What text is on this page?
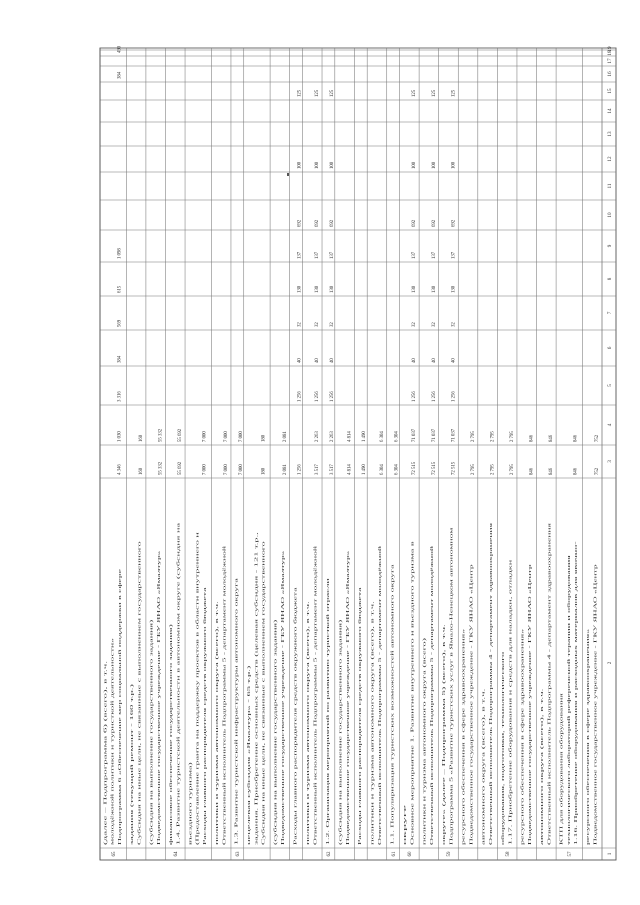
1
2
3
4
5
6
7
8
9
10
11
12
13
14
15
16
17
18
19
Подведомственное государственное учреждение - ГКУ ЯНАО «Центр
ресурсного обеспечения в сфере здравоохранения»
752
752
57
1.16. Приобретение оборудования и расходных материалов для явочно-
технологического лабораторий референсной терапии и оборудования
КТП для оборудования оборудования
846
846
Ответственный исполнитель Подпрограммы 4 - департамент здравоохранения
автономного округа (всего), в т.ч.
846
846
Подведомственное государственное учреждение - ГКУ ЯНАО «Центр
ресурсного обеспечения в сфере здравоохранения»
846
846
58
1.17. Приобретение оборудования и средств для наладки, отладки
оборудования, подготовки, технологического
2 795
2 795
Ответственный исполнитель Подпрограммы 4 - департамент здравоохранения
автономного округа (всего), в т.ч.
2 795
2 795
Подведомственное государственное учреждение - ГКУ ЯНАО «Центр
ресурсного обеспечения в сфере здравоохранения»
2 795
2 795
59
Подпрограмма 5 «Развитие туристских услуг в Ямало-Ненецком автономном
округе» (далее – Подпрограмма 5) (всего), в т.ч.
72 515
71 037
1 256
40
32
130
137
692
100
125
Ответственный исполнитель Подпрограммы 5 - департамент молодёжной
политики и туризма автономного округа (всего)
72 515
71 037
1 256
40
32
130
137
692
100
125
60
Основное мероприятие 1. Развитие внутреннего и въездного туризма в
округе
72 515
71 037
1 256
40
32
130
137
692
100
125
61
1.1. Популяризация туристских возможностей автономного округа
6 304
6 304
Ответственный исполнитель Подпрограммы 5 - департамент молодёжной
политики и туризма автономного округа (всего), в т.ч.
6 304
6 304
Расходы главного распорядителя средств окружного бюджета
1 490
1 490
Подведомственное государственное учреждение - ГБУ ЯНАО «Ямалтур»
(субсидия на выполнение государственного задания)
4 814
4 814
62
1.2. Организация мероприятий по развитию туристкой отрасли
3 517
2 263
1 256
40
32
130
137
692
100
125
Ответственный исполнитель Подпрограммы 5 - департамент молодёжной
политики и туризма автономного округа (всего), в т.ч.
3 517
2 263
1 256
40
32
130
137
692
100
125
Расходы главного распорядителя средств окружного бюджета
1 256
1 256
40
32
130
137
692
100
125
Подведомственное государственное учреждение - ГБУ ЯНАО «Ямалтур»
(субсидия на выполнение государственного задания)
2 081
2 081
Субсидия на иные цели, не связанные с выполнением государственного
задания. Приобретение основных средств (целевая субсидия - 121 т.р.,
нецелевая субсидия «Ямалтур» - 65 т.р.)
180
180
63
1.3. Развитие туристской инфраструктуры автономного округа
7 000
7 000
Ответственный исполнитель Подпрограммы 5 - департамент молодёжной
политики и туризма автономного округа (всего), в т.ч.
7 000
7 000
Расходы главного распорядителя средств окружного бюджета
(Предоставление гранта на поддержку проектов в области внутреннего и
въездного туризма)
7 000
7 000
64
1.4. Развитие туристской деятельности в автономном округе (субсидия на
финансовое обеспечение государственного задания)
55 692
55 692
Подведомственное государственное учреждение - ГБУ ЯНАО «Ямалтур»
(субсидия на выполнение государственного задания)
55 332
55 332
Субсидия на иные цели, не связанные с выполнением государственного
задания (текущий ремонт - 160 т.р.)
160
160
65
Подпрограмма 6 «Обеспечение мер социальной поддержки в сфере
молодёжной политики и туристкой деятельности»
(далее – Подпрограмма 6) (всего), в т.ч.
4 346
1 030
3 316
384
569
615
1 098
384
490
